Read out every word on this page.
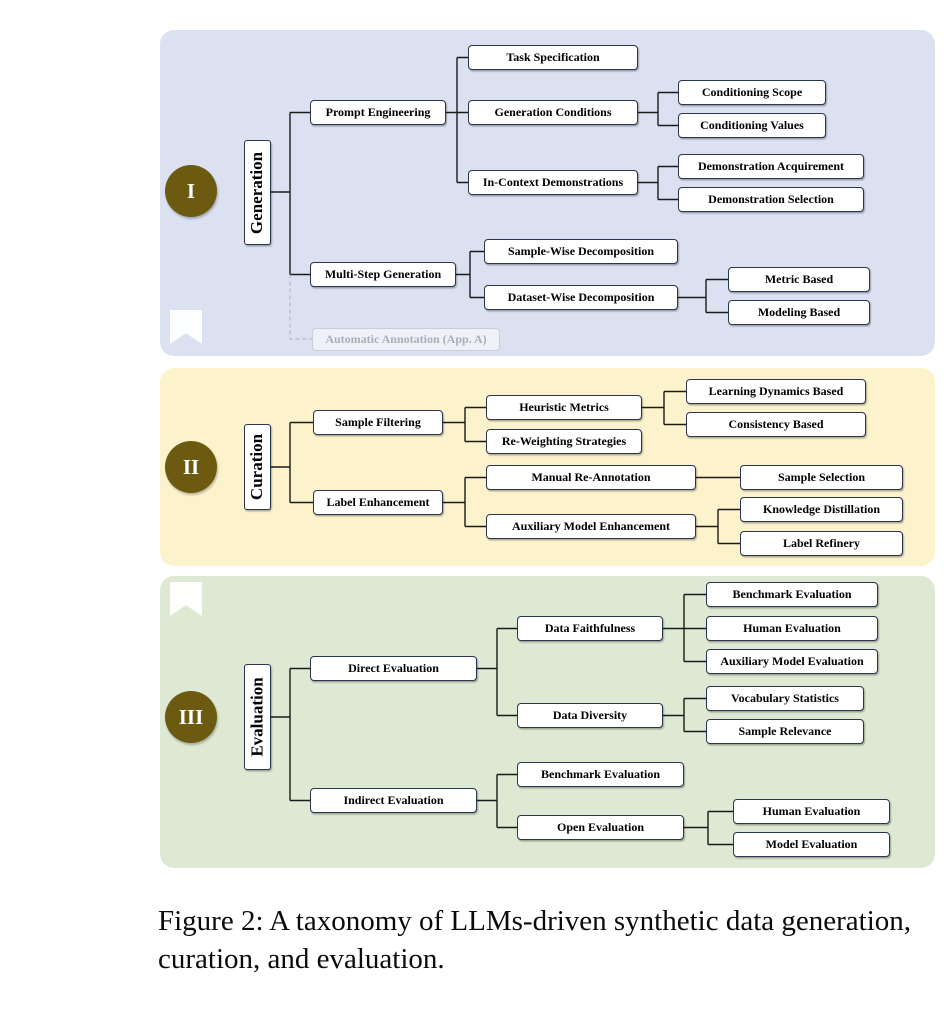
I	Generation
Prompt Engineering
Task Specification
Generation Conditions
Conditioning Scope
Conditioning Values
In-Context Demonstrations
Demonstration Acquirement
Demonstration Selection
Multi-Step Generation
Sample-Wise Decomposition
Dataset-Wise Decomposition
Metric Based
Modeling Based
Automatic Annotation (App. A)
II	Curation
Sample Filtering
Heuristic Metrics
Learning Dynamics Based
Consistency Based
Re-Weighting Strategies
Label Enhancement
Manual Re-Annotation	Sample Selection
Auxiliary Model Enhancement
Knowledge Distillation
Label Refinery
III	Evaluation
Direct Evaluation
Data Faithfulness
Benchmark Evaluation
Human Evaluation
Auxiliary Model Evaluation
Data Diversity
Vocabulary Statistics
Sample Relevance
Indirect Evaluation
Benchmark Evaluation
Open Evaluation
Human Evaluation
Model Evaluation
Figure 2: A taxonomy of LLMs-driven synthetic data generation, curation, and evaluation.
